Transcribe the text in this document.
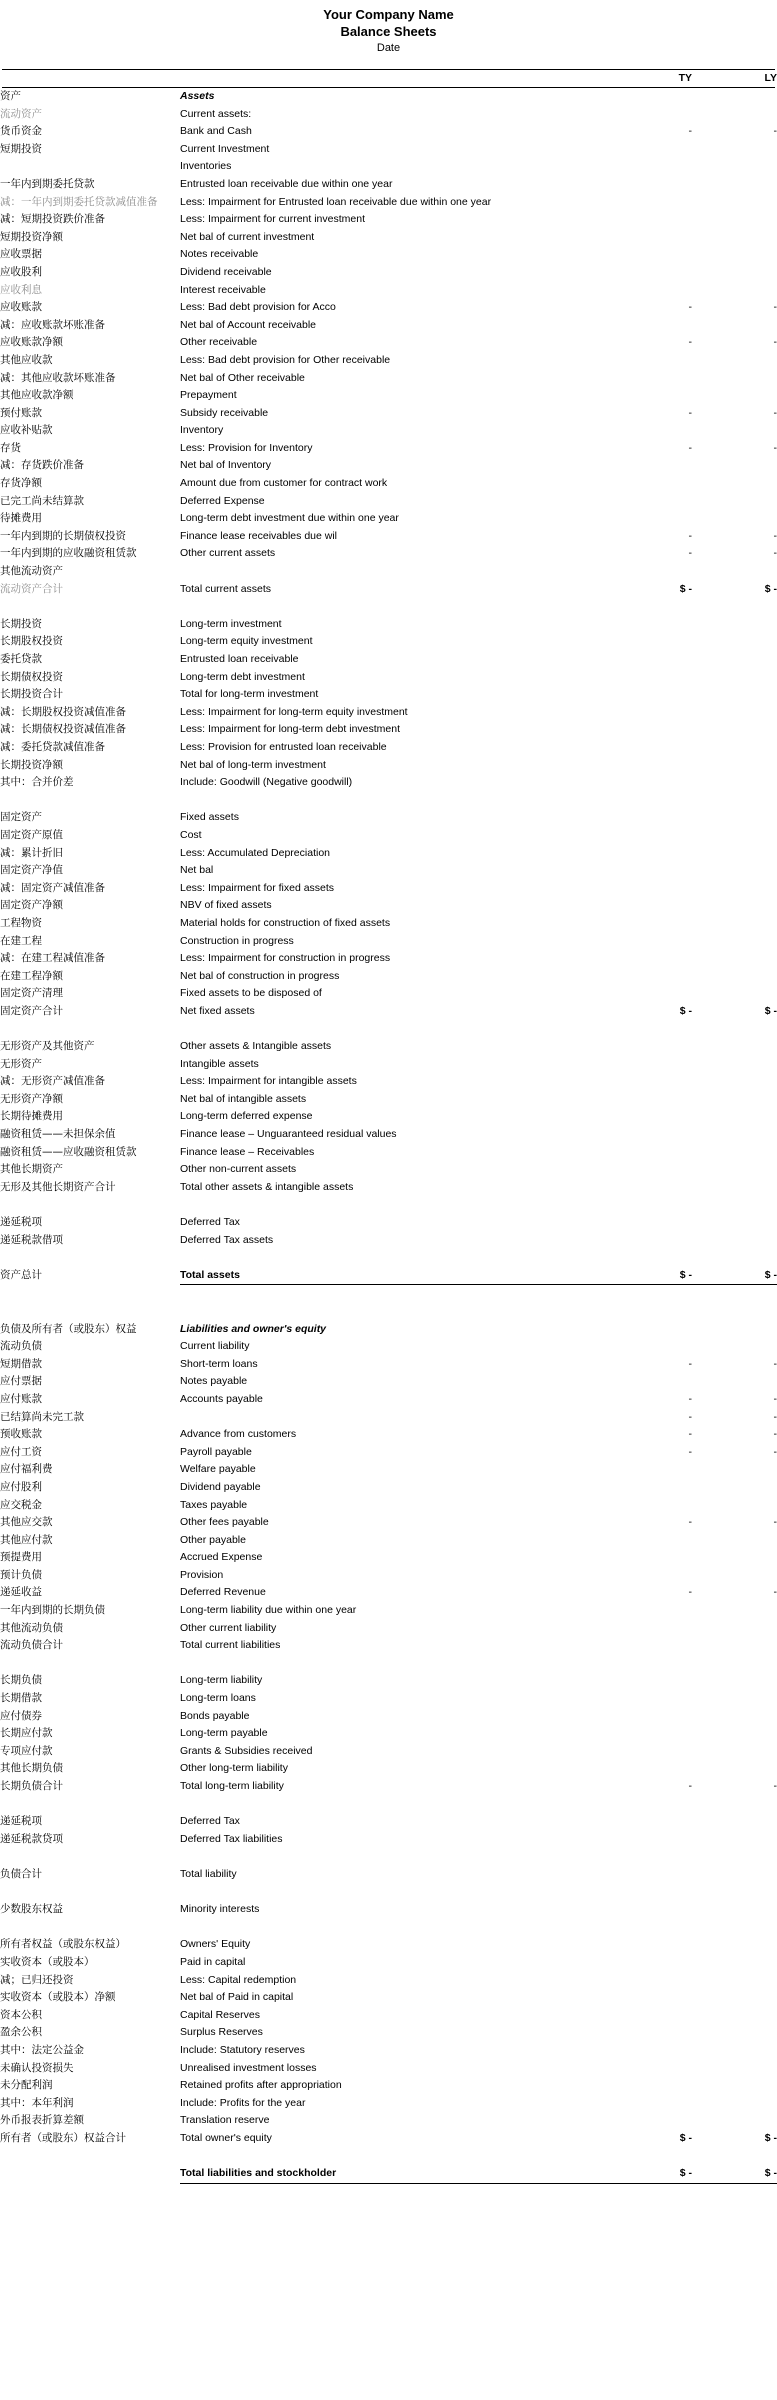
Your Company Name
Balance Sheets
Date
		TY	LY
资产	Assets		
流动资产	Current assets:		
货币资金	Bank and Cash	-	-
短期投资	Current Investment		
	Inventories		
一年内到期委托贷款	Entrusted loan receivable due within one year		
减：一年内到期委托贷款减值准备	Less: Impairment for Entrusted loan receivable due within one year		
减：短期投资跌价准备	Less: Impairment for current investment		
短期投资净额	Net bal of current investment		
应收票据	Notes receivable		
应收股利	Dividend receivable		
应收利息	Interest receivable		
应收账款	Less: Bad debt provision for Acco	-	-
减：应收账款坏账准备	Net bal of Account receivable		
应收账款净额	Other receivable	-	-
其他应收款	Less: Bad debt provision for Other receivable		
减：其他应收款坏账准备	Net bal of Other receivable		
其他应收款净额	Prepayment		
预付账款	Subsidy receivable	-	-
应收补贴款	Inventory		
存货	Less: Provision for Inventory	-	-
减：存货跌价准备	Net bal of Inventory		
存货净额	Amount due from customer for contract work		
已完工尚未结算款	Deferred Expense		
待摊费用	Long-term debt investment due within one year		
一年内到期的长期债权投资	Finance lease receivables due wil	-	-
一年内到期的应收融资租赁款	Other current assets	-	-
其他流动资产			
流动资产合计	Total current assets	$ -	$ -

长期投资	Long-term investment		
长期股权投资	Long-term equity investment		
委托贷款	Entrusted loan receivable		
长期债权投资	Long-term debt investment		
长期投资合计	Total for long-term investment		
减：长期股权投资减值准备	Less: Impairment for long-term equity investment		
减：长期债权投资减值准备	Less: Impairment for long-term debt investment		
减：委托贷款减值准备	Less: Provision for entrusted loan receivable		
长期投资净额	Net bal of long-term investment		
其中：合并价差	Include: Goodwill (Negative goodwill)		

固定资产	Fixed assets		
固定资产原值	Cost		
减：累计折旧	Less: Accumulated Depreciation		
固定资产净值	Net bal		
减：固定资产减值准备	Less: Impairment for fixed assets		
固定资产净额	NBV of fixed assets		
工程物资	Material holds for construction of fixed assets		
在建工程	Construction in progress		
减：在建工程减值准备	Less: Impairment for construction in progress		
在建工程净额	Net bal of construction in progress		
固定资产清理	Fixed assets to be disposed of		
固定资产合计	Net fixed assets	$ -	$ -

无形资产及其他资产	Other assets & Intangible assets		
无形资产	Intangible assets		
减：无形资产减值准备	Less: Impairment for intangible assets		
无形资产净额	Net bal of intangible assets		
长期待摊费用	Long-term deferred expense		
融资租赁——未担保余值	Finance lease – Unguaranteed residual values		
融资租赁——应收融资租赁款	Finance lease – Receivables		
其他长期资产	Other non-current assets		
无形及其他长期资产合计	Total other assets & intangible assets		

递延税项	Deferred Tax		
递延税款借项	Deferred Tax assets		

资产总计	Total assets	$ -	$ -

负债及所有者（或股东）权益	Liabilities and owner's equity		
流动负债	Current liability		
短期借款	Short-term loans	-	-
应付票据	Notes payable		
应付账款	Accounts payable	-	-
已结算尚未完工款		-	-
预收账款	Advance from customers	-	-
应付工资	Payroll payable	-	-
应付福利费	Welfare payable		
应付股利	Dividend payable		
应交税金	Taxes payable		
其他应交款	Other fees payable	-	-
其他应付款	Other payable		
预提费用	Accrued Expense		
预计负债	Provision		
递延收益	Deferred Revenue	-	-
一年内到期的长期负债	Long-term liability due within one year		
其他流动负债	Other current liability		
流动负债合计	Total current liabilities		

长期负债	Long-term liability		
长期借款	Long-term loans		
应付债券	Bonds payable		
长期应付款	Long-term payable		
专项应付款	Grants & Subsidies received		
其他长期负债	Other long-term liability		
长期负债合计	Total long-term liability	-	-

递延税项	Deferred Tax		
递延税款贷项	Deferred Tax liabilities		

负债合计	Total liability		

少数股东权益	Minority interests		

所有者权益（或股东权益）	Owners' Equity		
实收资本（或股本）	Paid in capital		
减；已归还投资	Less: Capital redemption		
实收资本（或股本）净额	Net bal of Paid in capital		
资本公积	Capital Reserves		
盈余公积	Surplus Reserves		
其中：法定公益金	Include: Statutory reserves		
未确认投资损失	Unrealised investment losses		
未分配利润	Retained profits after appropriation		
其中：本年利润	Include: Profits for the year		
外币报表折算差额	Translation reserve		
所有者（或股东）权益合计	Total owner's equity	$ -	$ -

	Total liabilities and stockholder	$ -	$ -
